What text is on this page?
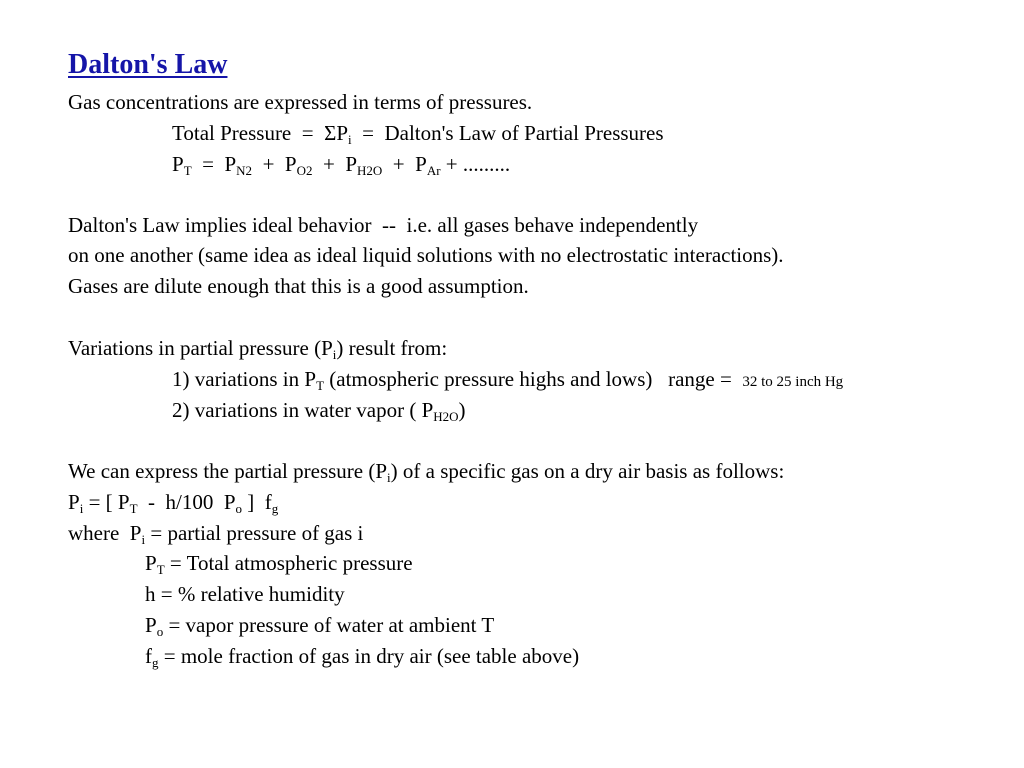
Dalton's Law
Gas concentrations are expressed in terms of pressures.
Total Pressure  =  $\Sigma P_i$  =  Dalton's Law of Partial Pressures
$P_T = P_{N2} + P_{O2} + P_{H2O} + P_{Ar}$ + .........
Dalton's Law implies ideal behavior  --  i.e. all gases behave independently
on one another (same idea as ideal liquid solutions with no electrostatic interactions).
Gases are dilute enough that this is a good assumption.
Variations in partial pressure $(P_i)$ result from:
1) variations in $P_T$ (atmospheric pressure highs and lows)   range =  32 to 25 inch Hg
2) variations in water vapor ( $P_{H2O}$)
We can express the partial pressure $(P_i)$ of a specific gas on a dry air basis as follows:
$P_i$ = [ $P_T - h/100$  $P_o$ ]  $f_g$
where  $P_i$ = partial pressure of gas i
$P_T$ = Total atmospheric pressure
h = % relative humidity
$P_o$ = vapor pressure of water at ambient T
$f_g$ = mole fraction of gas in dry air (see table above)
